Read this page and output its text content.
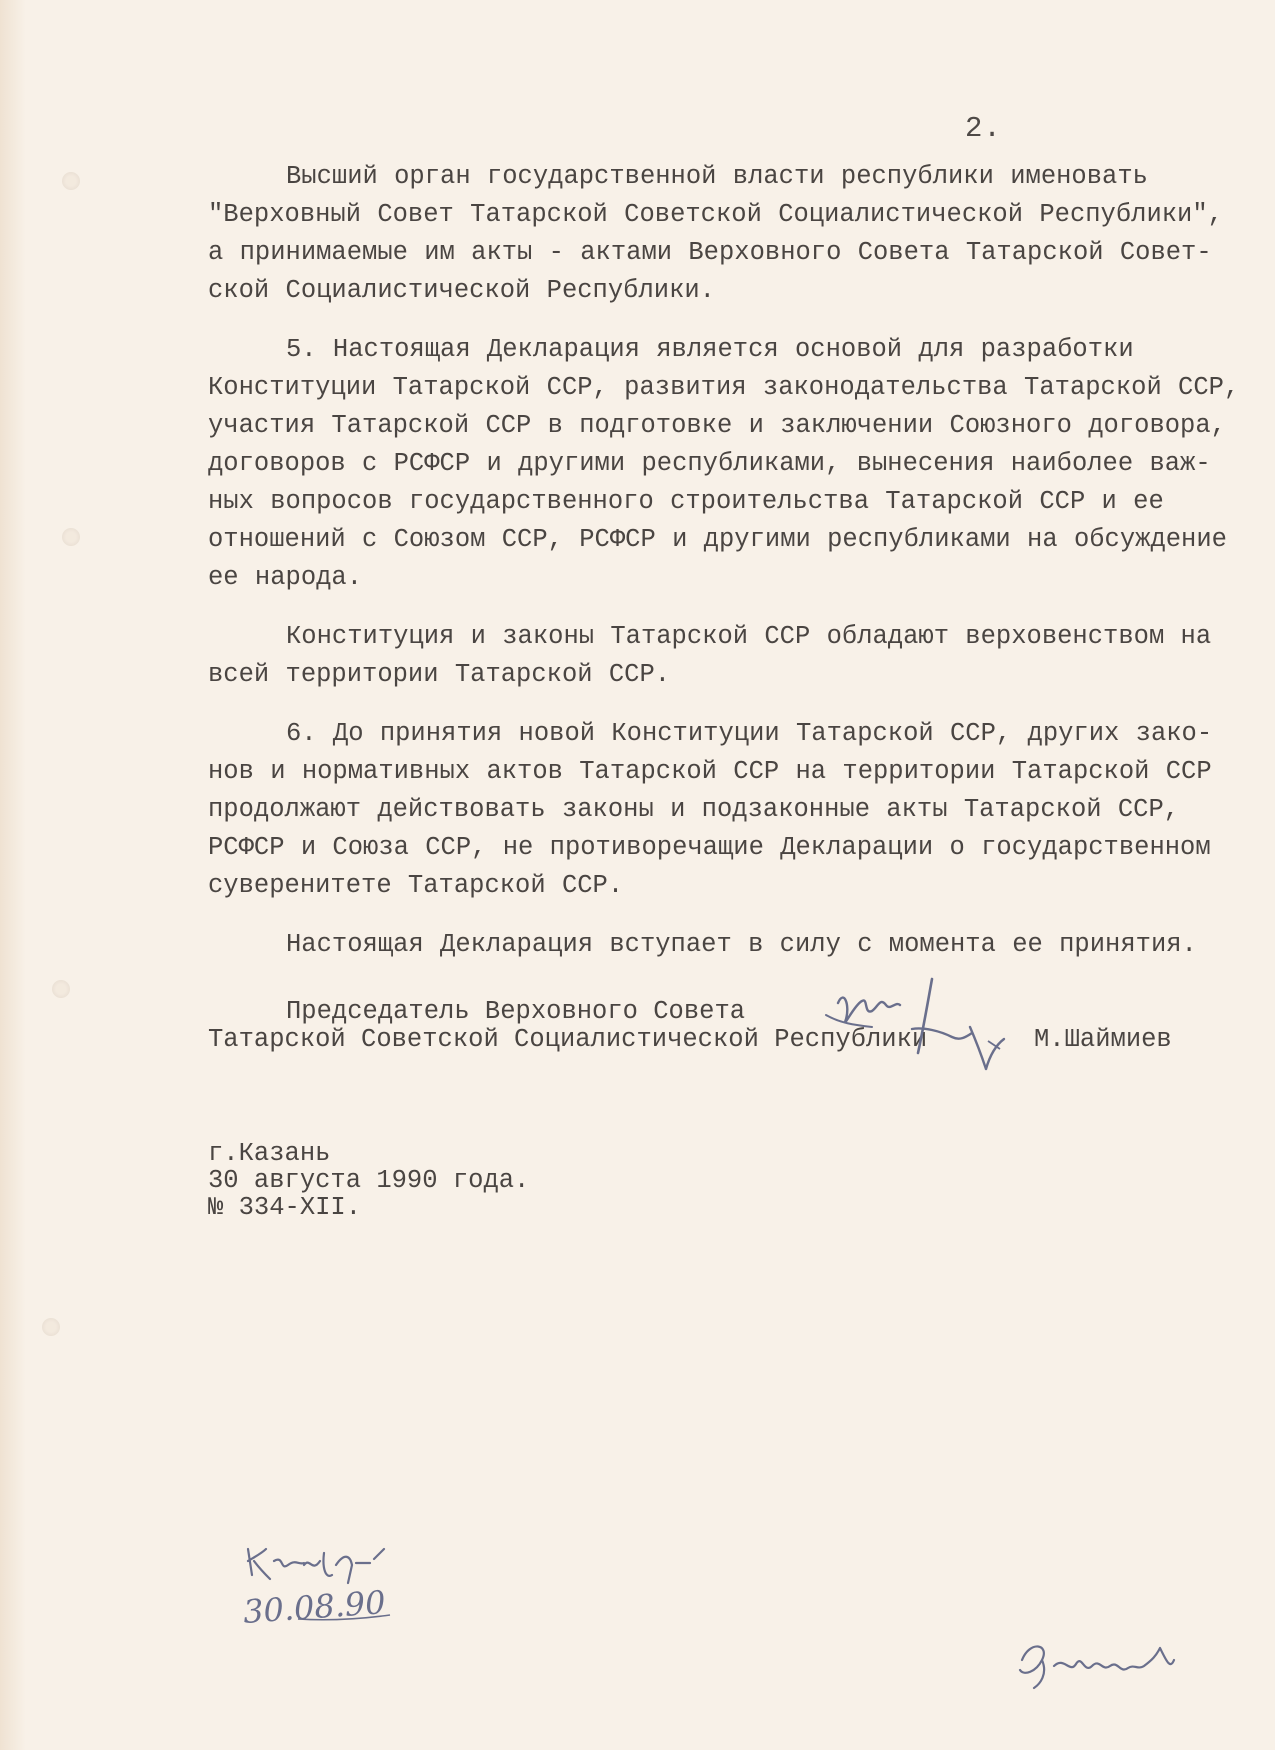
2.

Высший орган государственной власти республики именовать
"Верховный Совет Татарской Советской Социалистической Республики",
а принимаемые им акты - актами Верховного Совета Татарской Совет-
ской Социалистической Республики.

5. Настоящая Декларация является основой для разработки
Конституции Татарской ССР, развития законодательства Татарской ССР,
участия Татарской ССР в подготовке и заключении Союзного договора,
договоров с РСФСР и другими республиками, вынесения наиболее важ-
ных вопросов государственного строительства Татарской ССР и ее
отношений с Союзом ССР, РСФСР и другими республиками на обсуждение
ее народа.

Конституция и законы Татарской ССР обладают верховенством на
всей территории Татарской ССР.

6. До принятия новой Конституции Татарской ССР, других зако-
нов и нормативных актов Татарской ССР на территории Татарской ССР
продолжают действовать законы и подзаконные акты Татарской ССР,
РСФСР и Союза ССР, не противоречащие Декларации о государственном
суверенитете Татарской ССР.

Настоящая Декларация вступает в силу с момента ее принятия.

Председатель Верховного Совета
Татарской Советской Социалистической Республики	М.Шаймиев
г.Казань
30 августа 1990 года.
№ 334-XII.
30.08.90
